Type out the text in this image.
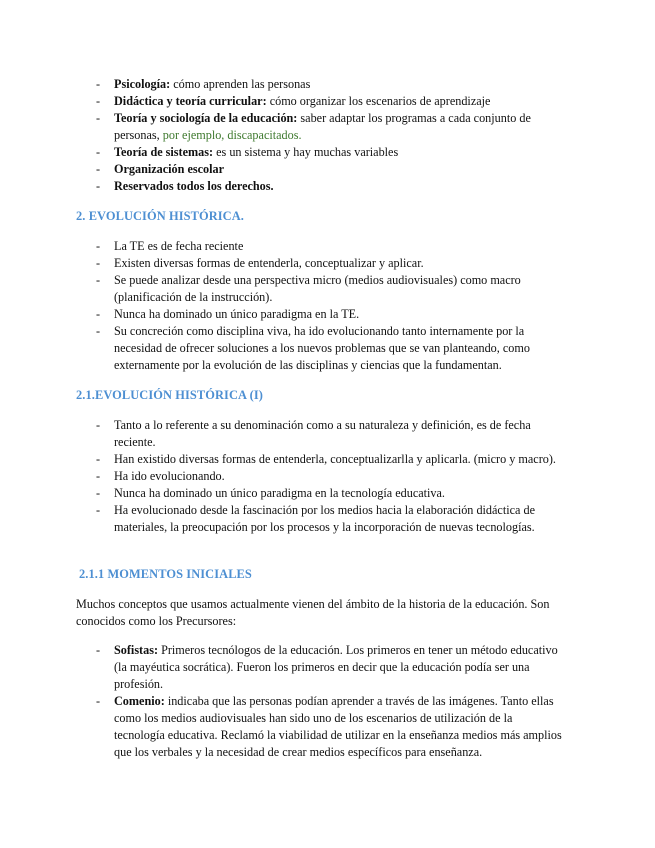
- Psicología: cómo aprenden las personas
- Didáctica y teoría curricular: cómo organizar los escenarios de aprendizaje
- Teoría y sociología de la educación: saber adaptar los programas a cada conjunto de personas, por ejemplo, discapacitados.
- Teoría de sistemas: es un sistema y hay muchas variables
- Organización escolar
- Reservados todos los derechos.
2. EVOLUCIÓN HISTÓRICA.
- La TE es de fecha reciente
- Existen diversas formas de entenderla, conceptualizar y aplicar.
- Se puede analizar desde una perspectiva micro (medios audiovisuales) como macro (planificación de la instrucción).
- Nunca ha dominado un único paradigma en la TE.
- Su concreción como disciplina viva, ha ido evolucionando tanto internamente por la necesidad de ofrecer soluciones a los nuevos problemas que se van planteando, como externamente por la evolución de las disciplinas y ciencias que la fundamentan.
2.1.EVOLUCIÓN HISTÓRICA (I)
- Tanto a lo referente a su denominación como a su naturaleza y definición, es de fecha reciente.
- Han existido diversas formas de entenderla, conceptualizarlla y aplicarla. (micro y macro).
- Ha ido evolucionando.
- Nunca ha dominado un único paradigma en la tecnología educativa.
- Ha evolucionado desde la fascinación por los medios hacia la elaboración didáctica de materiales, la preocupación por los procesos y la incorporación de nuevas tecnologías.
2.1.1 MOMENTOS INICIALES
Muchos conceptos que usamos actualmente vienen del ámbito de la historia de la educación. Son conocidos como los Precursores:
- Sofistas: Primeros tecnólogos de la educación. Los primeros en tener un método educativo (la mayéutica socrática). Fueron los primeros en decir que la educación podía ser una profesión.
- Comenio: indicaba que las personas podían aprender a través de las imágenes. Tanto ellas como los medios audiovisuales han sido uno de los escenarios de utilización de la tecnología educativa. Reclamó la viabilidad de utilizar en la enseñanza medios más amplios que los verbales y la necesidad de crear medios específicos para enseñanza.
